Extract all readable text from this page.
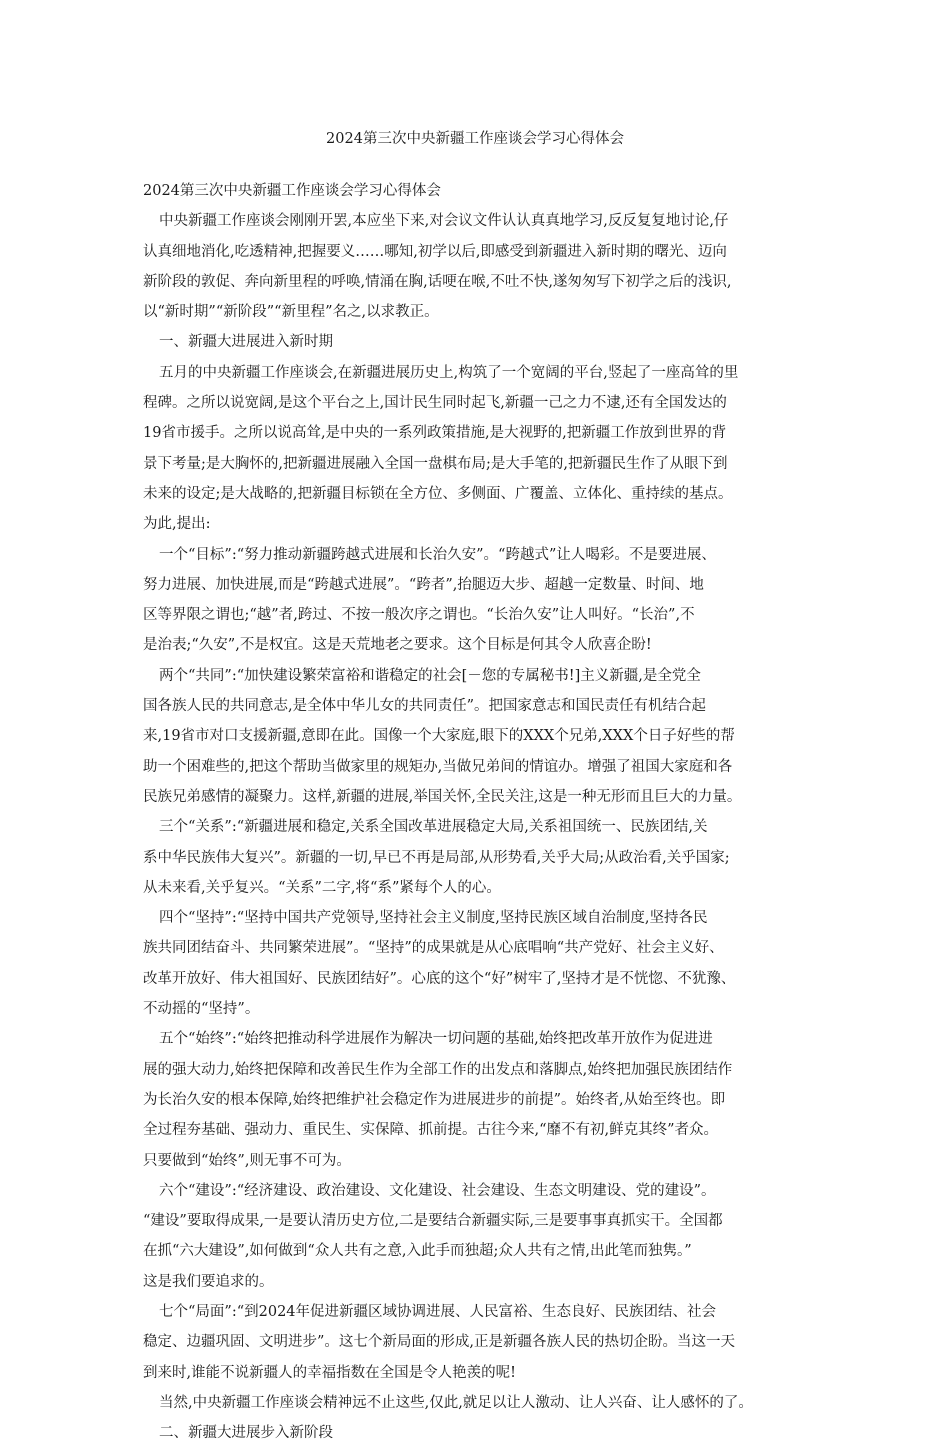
2024第三次中央新疆工作座谈会学习心得体会
2024第三次中央新疆工作座谈会学习心得体会
中央新疆工作座谈会刚刚开罢,本应坐下来,对会议文件认认真真地学习,反反复复地讨论,仔
认真细地消化,吃透精神,把握要义……哪知,初学以后,即感受到新疆进入新时期的曙光、迈向
新阶段的敦促、奔向新里程的呼唤,情涌在胸,话哽在喉,不吐不快,遂匆匆写下初学之后的浅识,
以“新时期”“新阶段”“新里程”名之,以求教正。
一、新疆大进展进入新时期
五月的中央新疆工作座谈会,在新疆进展历史上,构筑了一个宽阔的平台,竖起了一座高耸的里
程碑。之所以说宽阔,是这个平台之上,国计民生同时起飞,新疆一己之力不逮,还有全国发达的
19省市援手。之所以说高耸,是中央的一系列政策措施,是大视野的,把新疆工作放到世界的背
景下考量;是大胸怀的,把新疆进展融入全国一盘棋布局;是大手笔的,把新疆民生作了从眼下到
未来的设定;是大战略的,把新疆目标锁在全方位、多侧面、广覆盖、立体化、重持续的基点。
为此,提出:
一个“目标”:“努力推动新疆跨越式进展和长治久安”。“跨越式”让人喝彩。不是要进展、
努力进展、加快进展,而是“跨越式进展”。“跨者”,抬腿迈大步、超越一定数量、时间、地
区等界限之谓也;“越”者,跨过、不按一般次序之谓也。“长治久安”让人叫好。“长治”,不
是治表;“久安”,不是权宜。这是天荒地老之要求。这个目标是何其令人欣喜企盼!
两个“共同”:“加快建设繁荣富裕和谐稳定的社会[－您的专属秘书!]主义新疆,是全党全
国各族人民的共同意志,是全体中华儿女的共同责任”。把国家意志和国民责任有机结合起
来,19省市对口支援新疆,意即在此。国像一个大家庭,眼下的XXX个兄弟,XXX个日子好些的帮
助一个困难些的,把这个帮助当做家里的规矩办,当做兄弟间的情谊办。增强了祖国大家庭和各
民族兄弟感情的凝聚力。这样,新疆的进展,举国关怀,全民关注,这是一种无形而且巨大的力量。
三个“关系”:“新疆进展和稳定,关系全国改革进展稳定大局,关系祖国统一、民族团结,关
系中华民族伟大复兴”。新疆的一切,早已不再是局部,从形势看,关乎大局;从政治看,关乎国家;
从未来看,关乎复兴。“关系”二字,将“系”紧每个人的心。
四个“坚持”:“坚持中国共产党领导,坚持社会主义制度,坚持民族区域自治制度,坚持各民
族共同团结奋斗、共同繁荣进展”。“坚持”的成果就是从心底唱响“共产党好、社会主义好、
改革开放好、伟大祖国好、民族团结好”。心底的这个“好”树牢了,坚持才是不恍惚、不犹豫、
不动摇的“坚持”。
五个“始终”:“始终把推动科学进展作为解决一切问题的基础,始终把改革开放作为促进进
展的强大动力,始终把保障和改善民生作为全部工作的出发点和落脚点,始终把加强民族团结作
为长治久安的根本保障,始终把维护社会稳定作为进展进步的前提”。始终者,从始至终也。即
全过程夯基础、强动力、重民生、实保障、抓前提。古往今来,“靡不有初,鲜克其终”者众。
只要做到“始终”,则无事不可为。
六个“建设”:“经济建设、政治建设、文化建设、社会建设、生态文明建设、党的建设”。
“建设”要取得成果,一是要认清历史方位,二是要结合新疆实际,三是要事事真抓实干。全国都
在抓“六大建设”,如何做到“众人共有之意,入此手而独超;众人共有之情,出此笔而独隽。”
这是我们要追求的。
七个“局面”:“到2024年促进新疆区域协调进展、人民富裕、生态良好、民族团结、社会
稳定、边疆巩固、文明进步”。这七个新局面的形成,正是新疆各族人民的热切企盼。当这一天
到来时,谁能不说新疆人的幸福指数在全国是令人艳羡的呢!
当然,中央新疆工作座谈会精神远不止这些,仅此,就足以让人激动、让人兴奋、让人感怀的了。
二、新疆大进展步入新阶段
